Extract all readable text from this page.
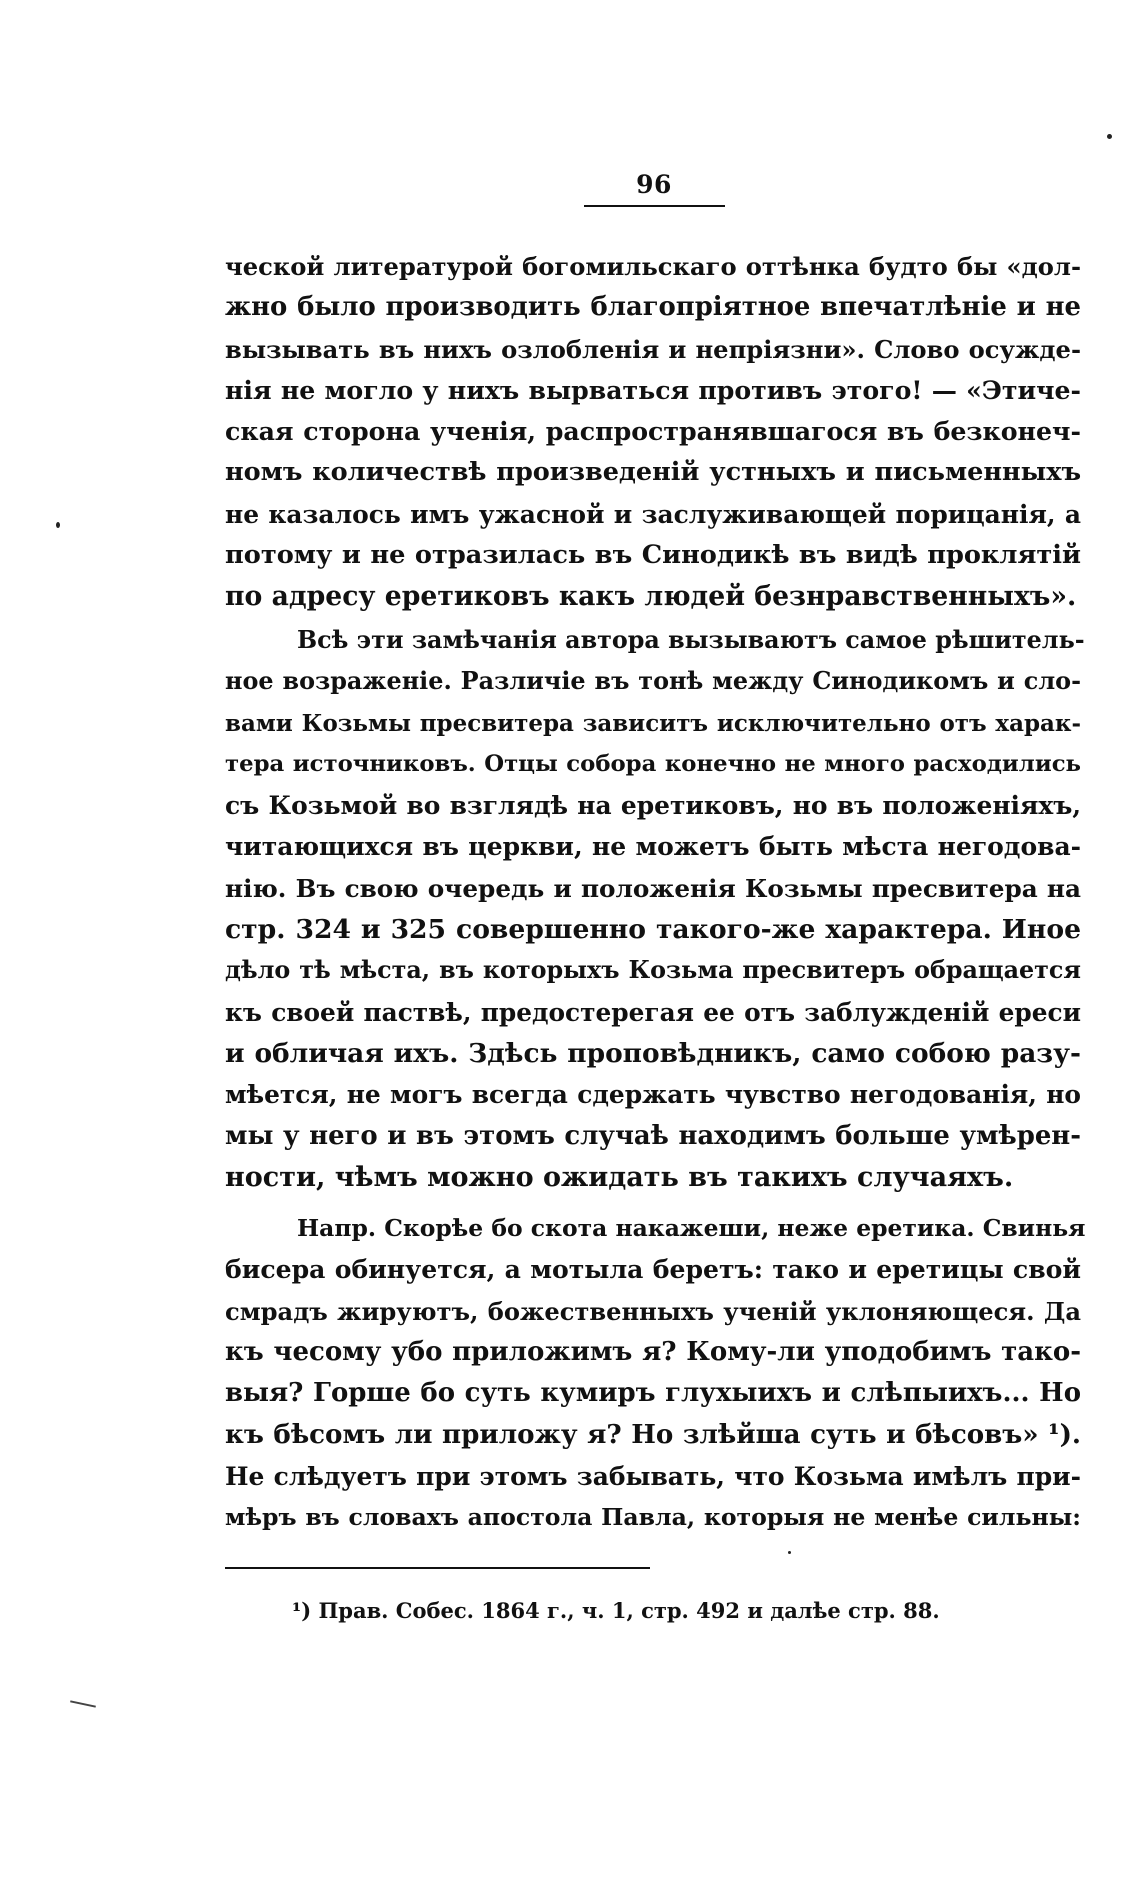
96
ческой литературой богомильскаго оттѣнка будто бы «дол-
жно было производить благопріятное впечатлѣніе и не
вызывать въ нихъ озлобленія и непріязни». Слово осужде-
нія не могло у нихъ вырваться противъ этого! — «Этиче-
ская сторона ученія, распространявшагося въ безконеч-
номъ количествѣ произведеній устныхъ и письменныхъ
не казалось имъ ужасной и заслуживающей порицанія, а
потому и не отразилась въ Синодикѣ въ видѣ проклятій
по адресу еретиковъ какъ людей безнравственныхъ».
Всѣ эти замѣчанія автора вызываютъ самое рѣшитель-
ное возраженіе. Различіе въ тонѣ между Синодикомъ и сло-
вами Козьмы пресвитера зависитъ исключительно отъ харак-
тера источниковъ. Отцы собора конечно не много расходились
съ Козьмой во взглядѣ на еретиковъ, но въ положеніяхъ,
читающихся въ церкви, не можетъ быть мѣста негодова-
нію. Въ свою очередь и положенія Козьмы пресвитера на
стр. 324 и 325 совершенно такого-же характера. Иное
дѣло тѣ мѣста, въ которыхъ Козьма пресвитеръ обращается
къ своей паствѣ, предостерегая ее отъ заблужденій ереси
и обличая ихъ. Здѣсь проповѣдникъ, само собою разу-
мѣется, не могъ всегда сдержать чувство негодованія, но
мы у него и въ этомъ случаѣ находимъ больше умѣрен-
ности, чѣмъ можно ожидать въ такихъ случаяхъ.
Напр. Скорѣе бо скота накажеши, неже еретика. Свинья
бисера обинуется, а мотыла беретъ: тако и еретицы свой
смрадъ жируютъ, божественныхъ ученій уклоняющеся. Да
къ чесому убо приложимъ я? Кому-ли уподобимъ тако-
выя? Горше бо суть кумиръ глухыихъ и слѣпыихъ... Но
къ бѣсомъ ли приложу я? Но злѣйша суть и бѣсовъ» ¹).
Не слѣдуетъ при этомъ забывать, что Козьма имѣлъ при-
мѣръ въ словахъ апостола Павла, которыя не менѣе сильны:
¹) Прав. Собес. 1864 г., ч. 1, стр. 492 и далѣе стр. 88.
